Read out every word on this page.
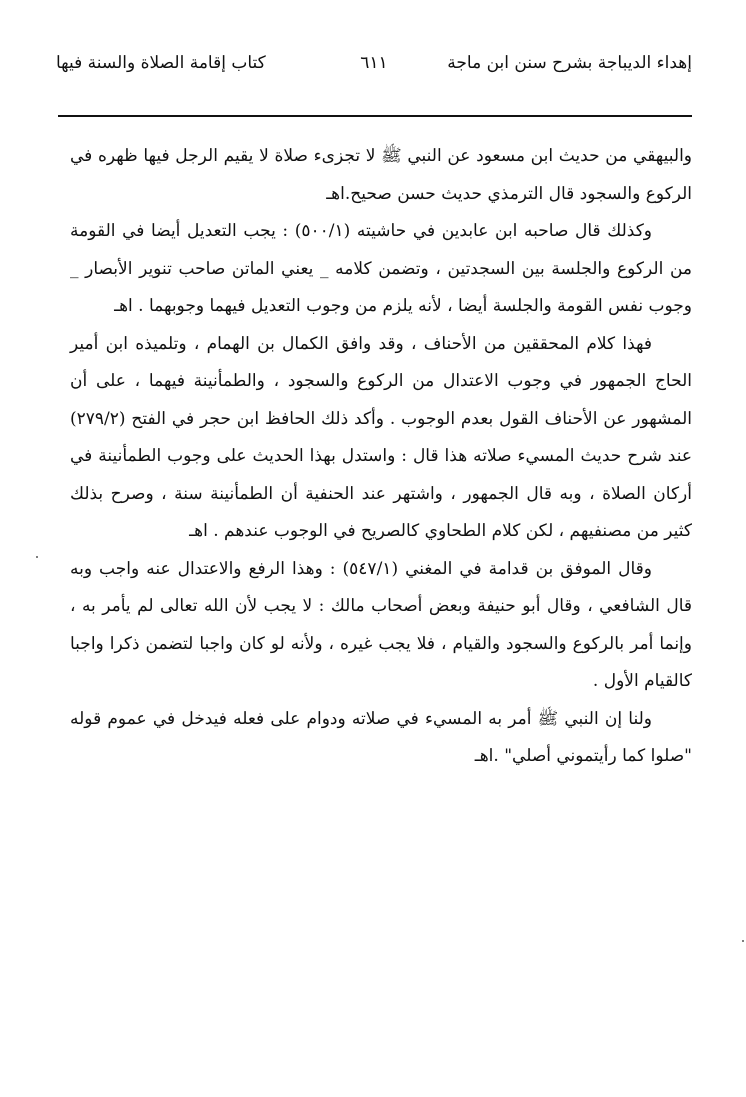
إهداء الديباجة بشرح سنن ابن ماجة
٦١١
كتاب إقامة الصلاة والسنة فيها

والبيهقي من حديث ابن مسعود عن النبي ﷺ لا تجزىء صلاة لا يقيم الرجل فيها ظهره في الركوع والسجود قال الترمذي حديث حسن صحيح.اهـ

وكذلك قال صاحبه ابن عابدين في حاشيته (٥٠٠/١) : يجب التعديل أيضا في القومة من الركوع والجلسة بين السجدتين ، وتضمن كلامه _ يعني الماتن صاحب تنوير الأبصار _ وجوب نفس القومة والجلسة أيضا ، لأنه يلزم من وجوب التعديل فيهما وجوبهما . اهـ

فهذا كلام المحققين من الأحناف ، وقد وافق الكمال بن الهمام ، وتلميذه ابن أمير الحاج الجمهور في وجوب الاعتدال من الركوع والسجود ، والطمأنينة فيهما ، على أن المشهور عن الأحناف القول بعدم الوجوب . وأكد ذلك الحافظ ابن حجر في الفتح (٢٧٩/٢) عند شرح حديث المسيء صلاته هذا قال : واستدل بهذا الحديث على وجوب الطمأنينة في أركان الصلاة ، وبه قال الجمهور ، واشتهر عند الحنفية أن الطمأنينة سنة ، وصرح بذلك كثير من مصنفيهم ، لكن كلام الطحاوي كالصريح في الوجوب عندهم . اهـ

وقال الموفق بن قدامة في المغني (٥٤٧/١) : وهذا الرفع والاعتدال عنه واجب وبه قال الشافعي ، وقال أبو حنيفة وبعض أصحاب مالك : لا يجب لأن الله تعالى لم يأمر به ، وإنما أمر بالركوع والسجود والقيام ، فلا يجب غيره ، ولأنه لو كان واجبا لتضمن ذكرا واجبا كالقيام الأول .

ولنا إن النبي ﷺ أمر به المسيء في صلاته ودوام على فعله فيدخل في عموم قوله "صلوا كما رأيتموني أصلي" .اهـ
